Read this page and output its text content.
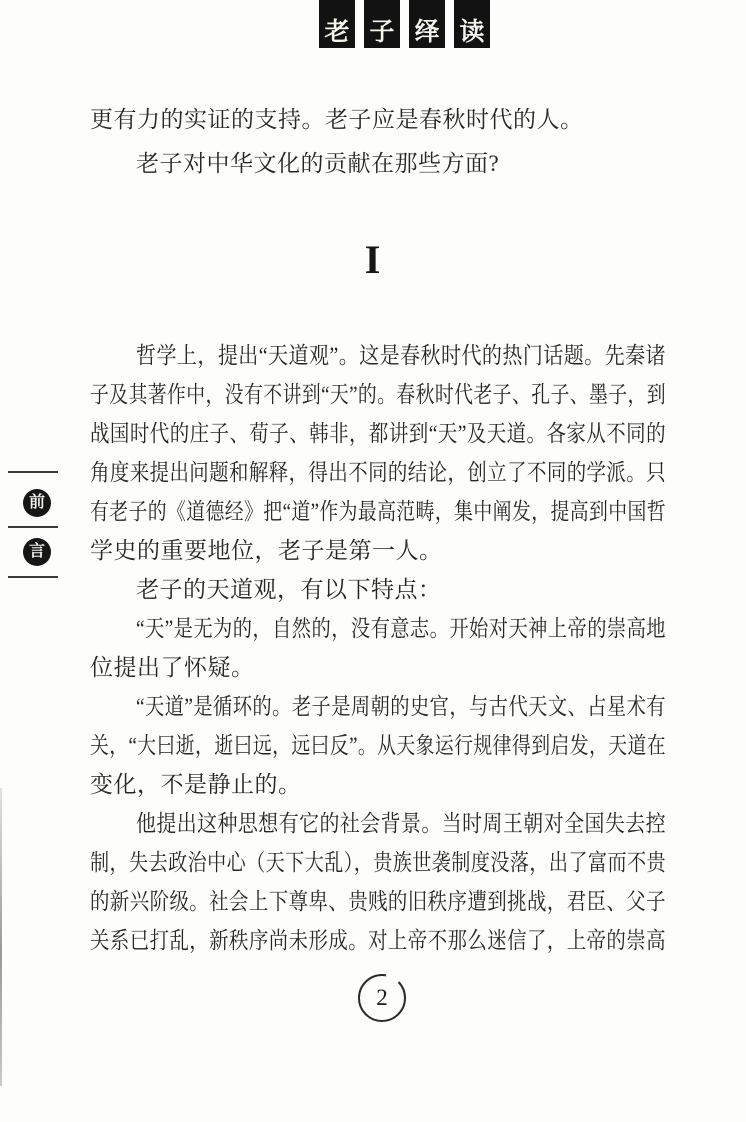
老 子 绎 读
更有力的实证的支持。老子应是春秋时代的人。
老子对中华文化的贡献在那些方面?
I
哲学上，提出“天道观”。这是春秋时代的热门话题。先秦诸
子及其著作中，没有不讲到“天”的。春秋时代老子、孔子、墨子，到
战国时代的庄子、荀子、韩非，都讲到“天”及天道。各家从不同的
角度来提出问题和解释，得出不同的结论，创立了不同的学派。只
有老子的《道德经》把“道”作为最高范畴，集中阐发，提高到中国哲
学史的重要地位，老子是第一人。
老子的天道观，有以下特点：
“天”是无为的，自然的，没有意志。开始对天神上帝的崇高地
位提出了怀疑。
“天道”是循环的。老子是周朝的史官，与古代天文、占星术有
关，“大曰逝，逝曰远，远曰反”。从天象运行规律得到启发，天道在
变化，不是静止的。
他提出这种思想有它的社会背景。当时周王朝对全国失去控
制，失去政治中心（天下大乱），贵族世袭制度没落，出了富而不贵
的新兴阶级。社会上下尊卑、贵贱的旧秩序遭到挑战，君臣、父子
关系已打乱，新秩序尚未形成。对上帝不那么迷信了，上帝的崇高
前
言
2
